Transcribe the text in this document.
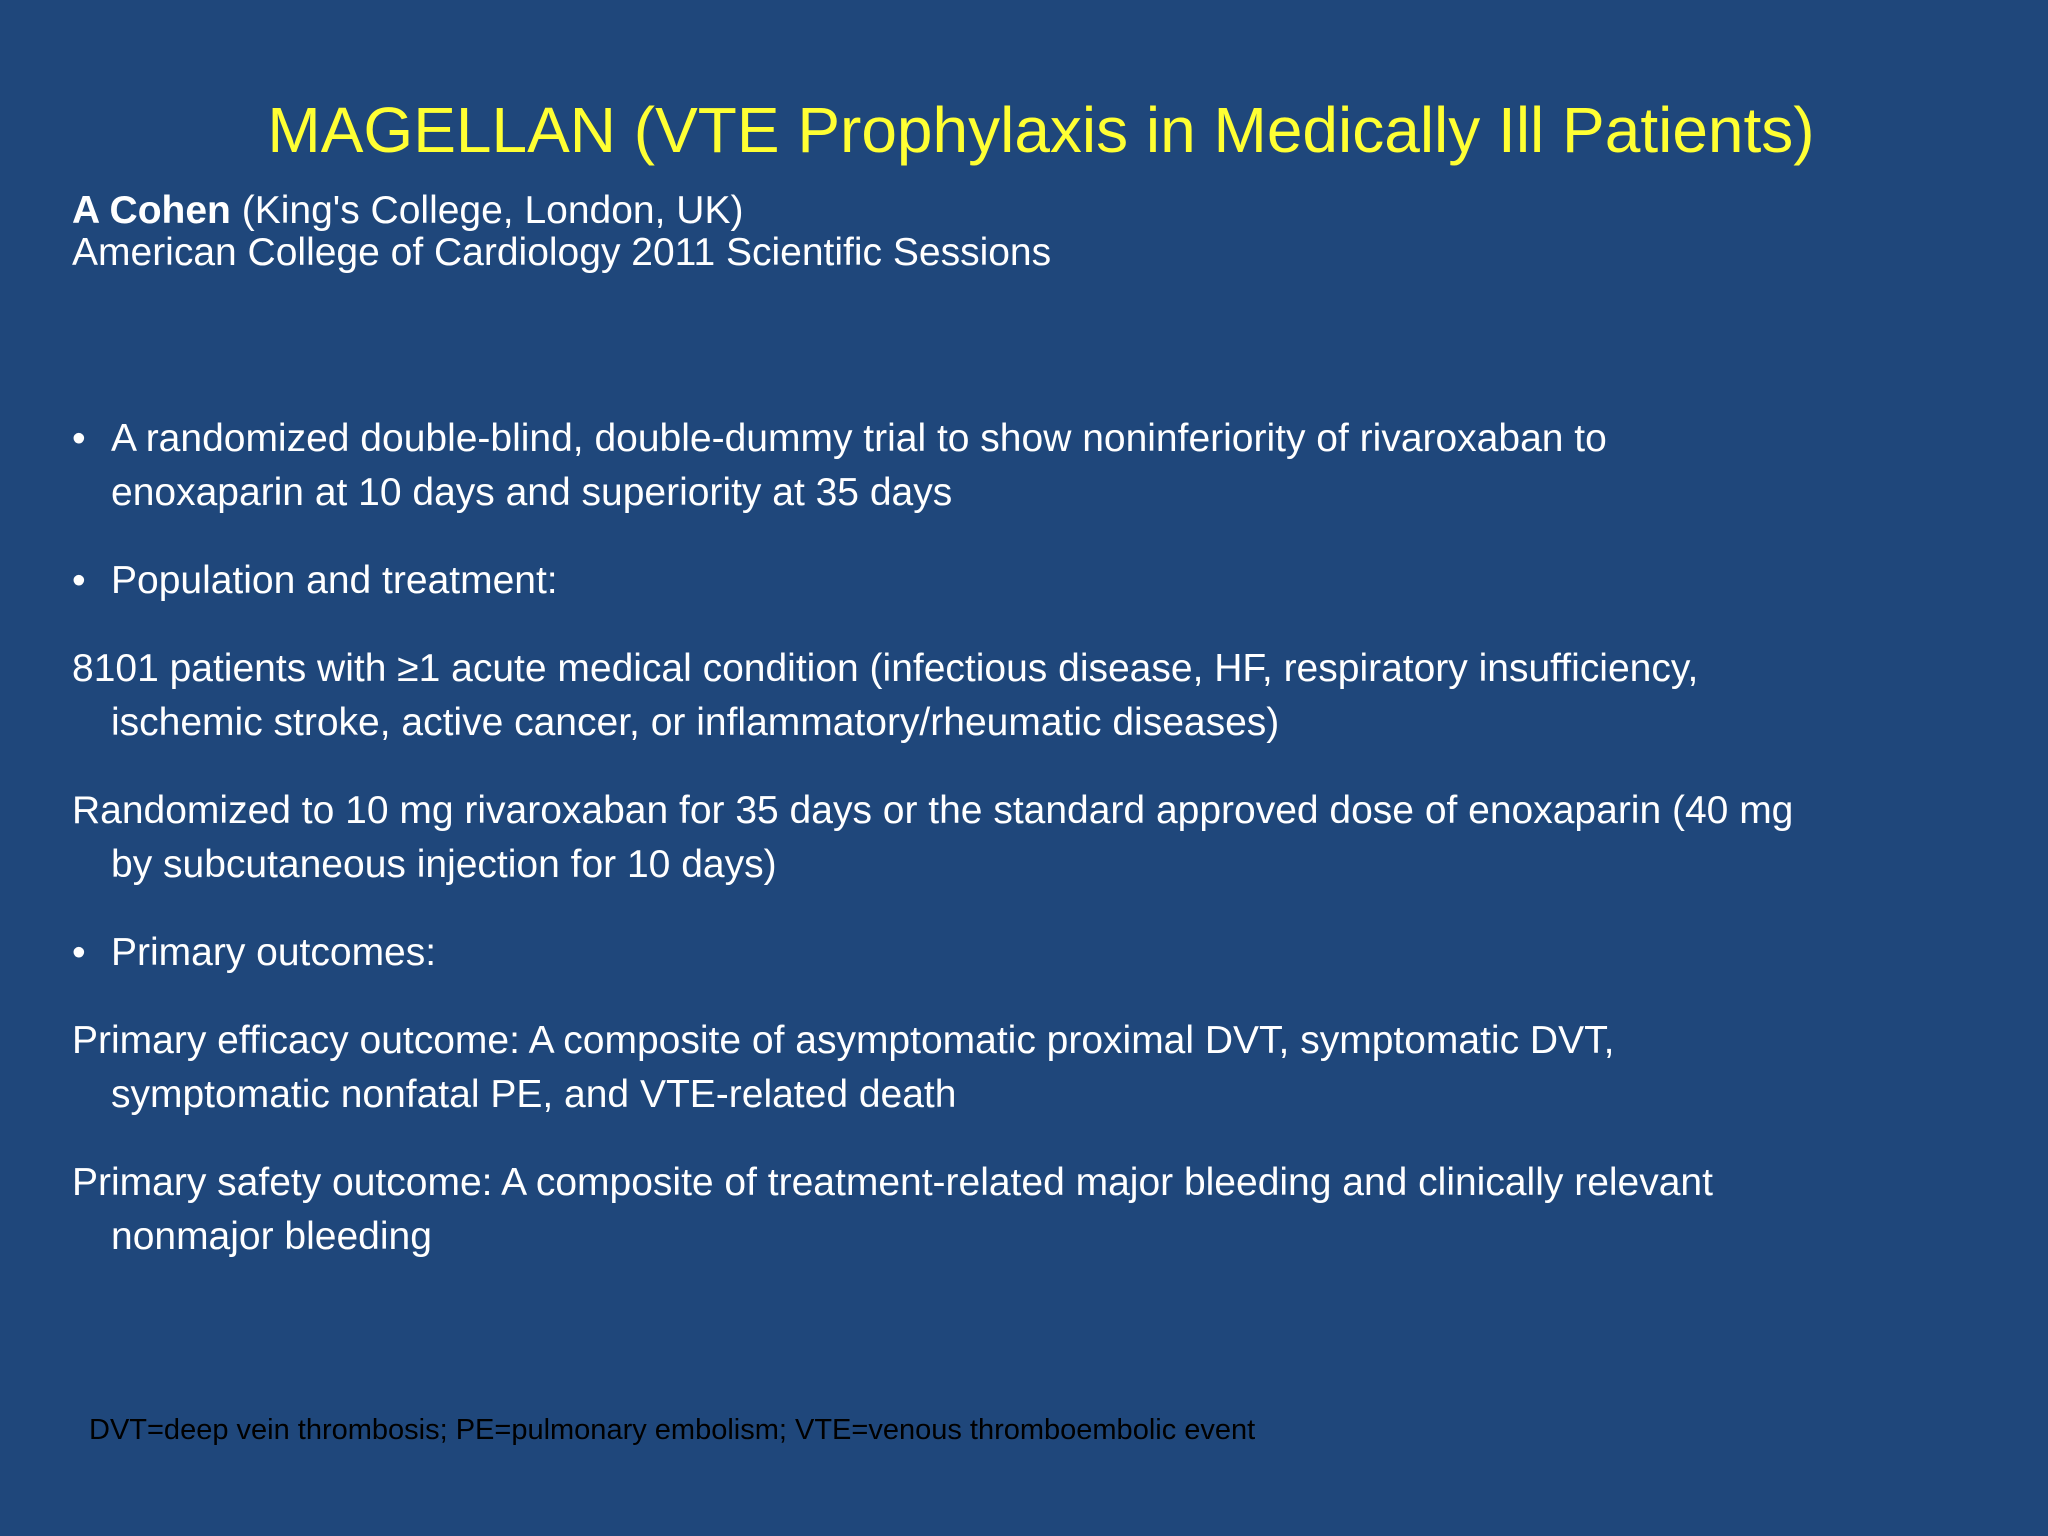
MAGELLAN (VTE Prophylaxis in Medically Ill Patients)
A Cohen (King's College, London, UK)
American College of Cardiology 2011 Scientific Sessions
• A randomized double-blind, double-dummy trial to show noninferiority of rivaroxaban to
enoxaparin at 10 days and superiority at 35 days
• Population and treatment:
8101 patients with ≥1 acute medical condition (infectious disease, HF, respiratory insufficiency,
ischemic stroke, active cancer, or inflammatory/rheumatic diseases)
Randomized to 10 mg rivaroxaban for 35 days or the standard approved dose of enoxaparin (40 mg
by subcutaneous injection for 10 days)
• Primary outcomes:
Primary efficacy outcome: A composite of asymptomatic proximal DVT, symptomatic DVT,
symptomatic nonfatal PE, and VTE-related death
Primary safety outcome: A composite of treatment-related major bleeding and clinically relevant
nonmajor bleeding
DVT=deep vein thrombosis; PE=pulmonary embolism; VTE=venous thromboembolic event
